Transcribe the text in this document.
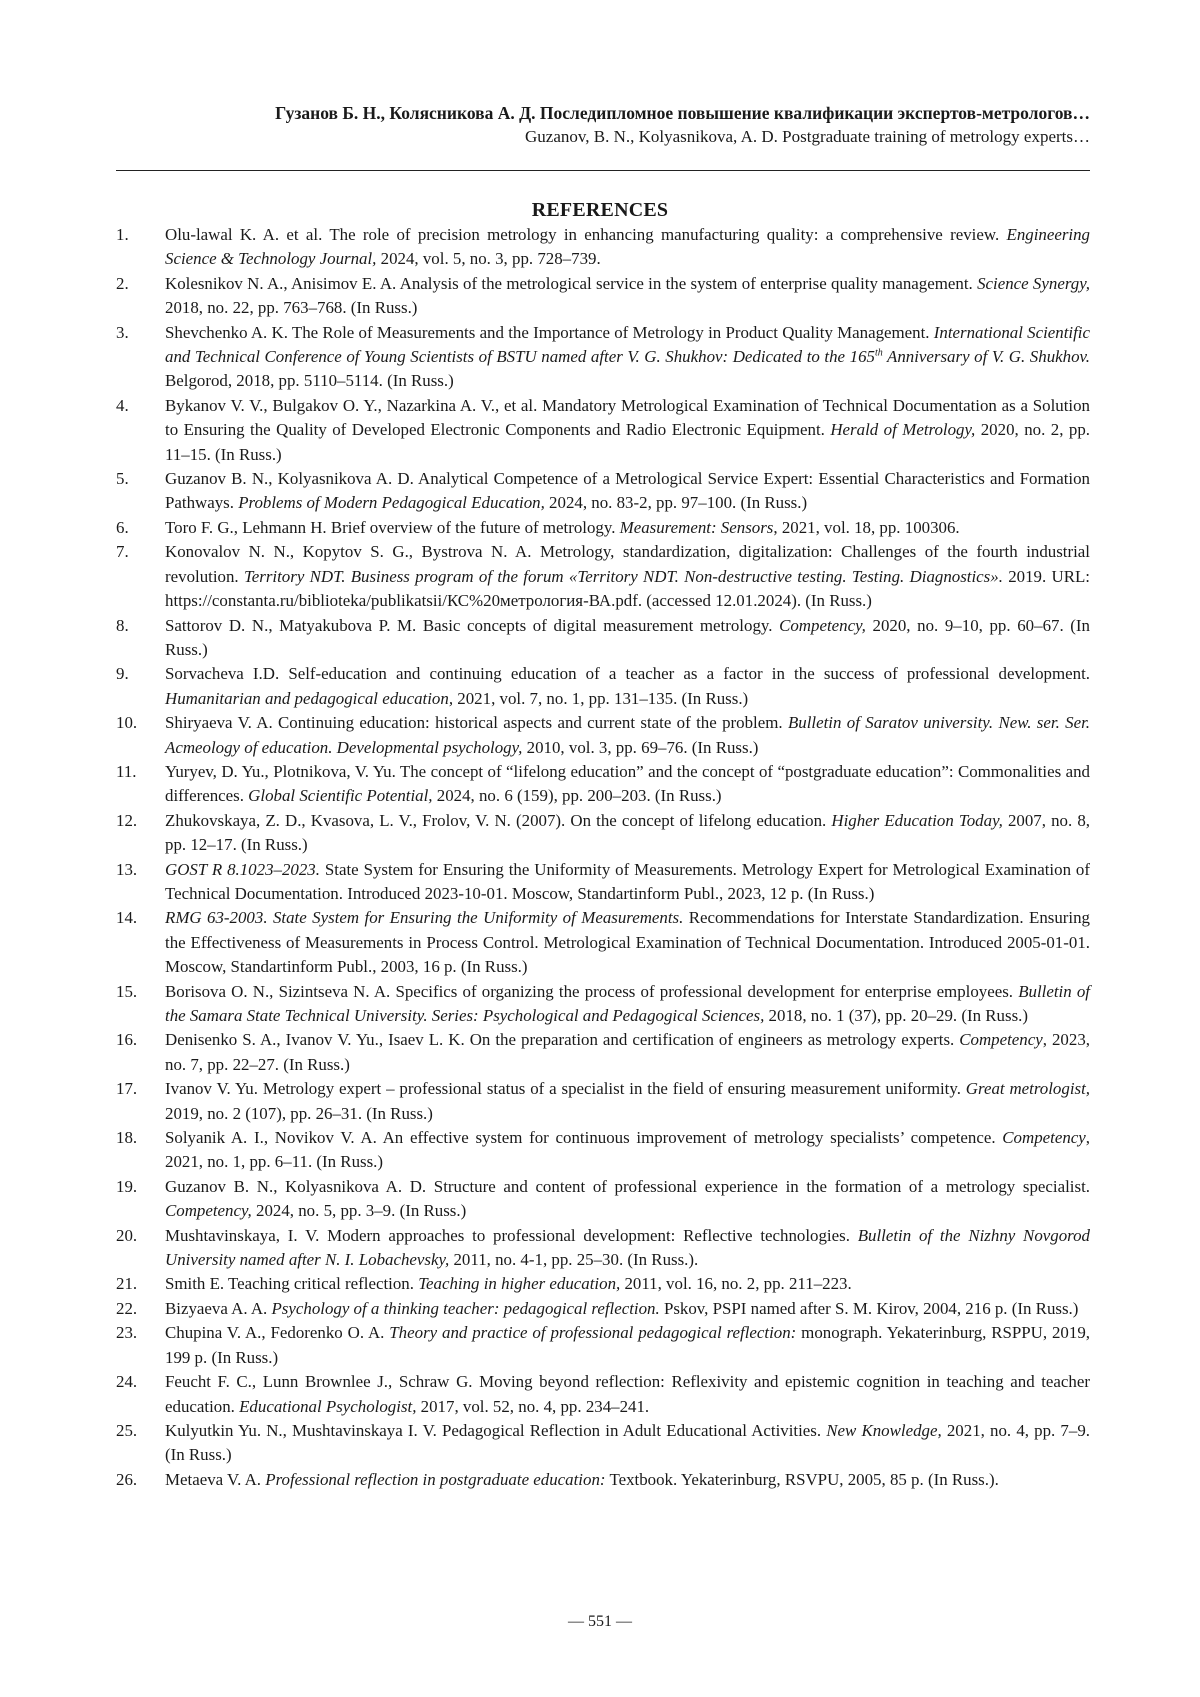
Гузанов Б. Н., Колясникова А. Д. Последипломное повышение квалификации экспертов-метрологов…
Guzanov, B. N., Kolyasnikova, A. D. Postgraduate training of metrology experts…
REFERENCES
1. Olu-lawal K. A. et al. The role of precision metrology in enhancing manufacturing quality: a comprehensive review. Engineering Science & Technology Journal, 2024, vol. 5, no. 3, pp. 728–739.
2. Kolesnikov N. A., Anisimov E. A. Analysis of the metrological service in the system of enterprise quality management. Science Synergy, 2018, no. 22, pp. 763–768. (In Russ.)
3. Shevchenko A. K. The Role of Measurements and the Importance of Metrology in Product Quality Management. International Scientific and Technical Conference of Young Scientists of BSTU named after V. G. Shukhov: Dedicated to the 165th Anniversary of V. G. Shukhov. Belgorod, 2018, pp. 5110–5114. (In Russ.)
4. Bykanov V. V., Bulgakov O. Y., Nazarkina A. V., et al. Mandatory Metrological Examination of Technical Documentation as a Solution to Ensuring the Quality of Developed Electronic Components and Radio Electronic Equipment. Herald of Metrology, 2020, no. 2, pp. 11–15. (In Russ.)
5. Guzanov B. N., Kolyasnikova A. D. Analytical Competence of a Metrological Service Expert: Essential Characteristics and Formation Pathways. Problems of Modern Pedagogical Education, 2024, no. 83-2, pp. 97–100. (In Russ.)
6. Toro F. G., Lehmann H. Brief overview of the future of metrology. Measurement: Sensors, 2021, vol. 18, pp. 100306.
7. Konovalov N. N., Kopytov S. G., Bystrova N. A. Metrology, standardization, digitalization: Challenges of the fourth industrial revolution. Territory NDT. Business program of the forum «Territory NDT. Non-destructive testing. Testing. Diagnostics». 2019. URL: https://constanta.ru/biblioteka/publikatsii/КС%20метрология-ВА.pdf. (accessed 12.01.2024). (In Russ.)
8. Sattorov D. N., Matyakubova P. M. Basic concepts of digital measurement metrology. Competency, 2020, no. 9–10, pp. 60–67. (In Russ.)
9. Sorvacheva I.D. Self-education and continuing education of a teacher as a factor in the success of professional development. Humanitarian and pedagogical education, 2021, vol. 7, no. 1, pp. 131–135. (In Russ.)
10. Shiryaeva V. A. Continuing education: historical aspects and current state of the problem. Bulletin of Saratov university. New. ser. Ser. Acmeology of education. Developmental psychology, 2010, vol. 3, pp. 69–76. (In Russ.)
11. Yuryev, D. Yu., Plotnikova, V. Yu. The concept of “lifelong education” and the concept of “postgraduate education”: Commonalities and differences. Global Scientific Potential, 2024, no. 6 (159), pp. 200–203. (In Russ.)
12. Zhukovskaya, Z. D., Kvasova, L. V., Frolov, V. N. (2007). On the concept of lifelong education. Higher Education Today, 2007, no. 8, pp. 12–17. (In Russ.)
13. GOST R 8.1023–2023. State System for Ensuring the Uniformity of Measurements. Metrology Expert for Metrological Examination of Technical Documentation. Introduced 2023-10-01. Moscow, Standartinform Publ., 2023, 12 p. (In Russ.)
14. RMG 63-2003. State System for Ensuring the Uniformity of Measurements. Recommendations for Interstate Standardization. Ensuring the Effectiveness of Measurements in Process Control. Metrological Examination of Technical Documentation. Introduced 2005-01-01. Moscow, Standartinform Publ., 2003, 16 p. (In Russ.)
15. Borisova O. N., Sizintseva N. A. Specifics of organizing the process of professional development for enterprise employees. Bulletin of the Samara State Technical University. Series: Psychological and Pedagogical Sciences, 2018, no. 1 (37), pp. 20–29. (In Russ.)
16. Denisenko S. A., Ivanov V. Yu., Isaev L. K. On the preparation and certification of engineers as metrology experts. Competency, 2023, no. 7, pp. 22–27. (In Russ.)
17. Ivanov V. Yu. Metrology expert – professional status of a specialist in the field of ensuring measurement uniformity. Great metrologist, 2019, no. 2 (107), pp. 26–31. (In Russ.)
18. Solyanik A. I., Novikov V. A. An effective system for continuous improvement of metrology specialists’ competence. Competency, 2021, no. 1, pp. 6–11. (In Russ.)
19. Guzanov B. N., Kolyasnikova A. D. Structure and content of professional experience in the formation of a metrology specialist. Competency, 2024, no. 5, pp. 3–9. (In Russ.)
20. Mushtavinskaya, I. V. Modern approaches to professional development: Reflective technologies. Bulletin of the Nizhny Novgorod University named after N. I. Lobachevsky, 2011, no. 4-1, pp. 25–30. (In Russ.).
21. Smith E. Teaching critical reflection. Teaching in higher education, 2011, vol. 16, no. 2, pp. 211–223.
22. Bizyaeva A. A. Psychology of a thinking teacher: pedagogical reflection. Pskov, PSPI named after S. M. Kirov, 2004, 216 p. (In Russ.)
23. Chupina V. A., Fedorenko O. A. Theory and practice of professional pedagogical reflection: monograph. Yekaterinburg, RSPPU, 2019, 199 p. (In Russ.)
24. Feucht F. C., Lunn Brownlee J., Schraw G. Moving beyond reflection: Reflexivity and epistemic cognition in teaching and teacher education. Educational Psychologist, 2017, vol. 52, no. 4, pp. 234–241.
25. Kulyutkin Yu. N., Mushtavinskaya I. V. Pedagogical Reflection in Adult Educational Activities. New Knowledge, 2021, no. 4, pp. 7–9. (In Russ.)
26. Metaeva V. A. Professional reflection in postgraduate education: Textbook. Yekaterinburg, RSVPU, 2005, 85 p. (In Russ.).
— 551 —
